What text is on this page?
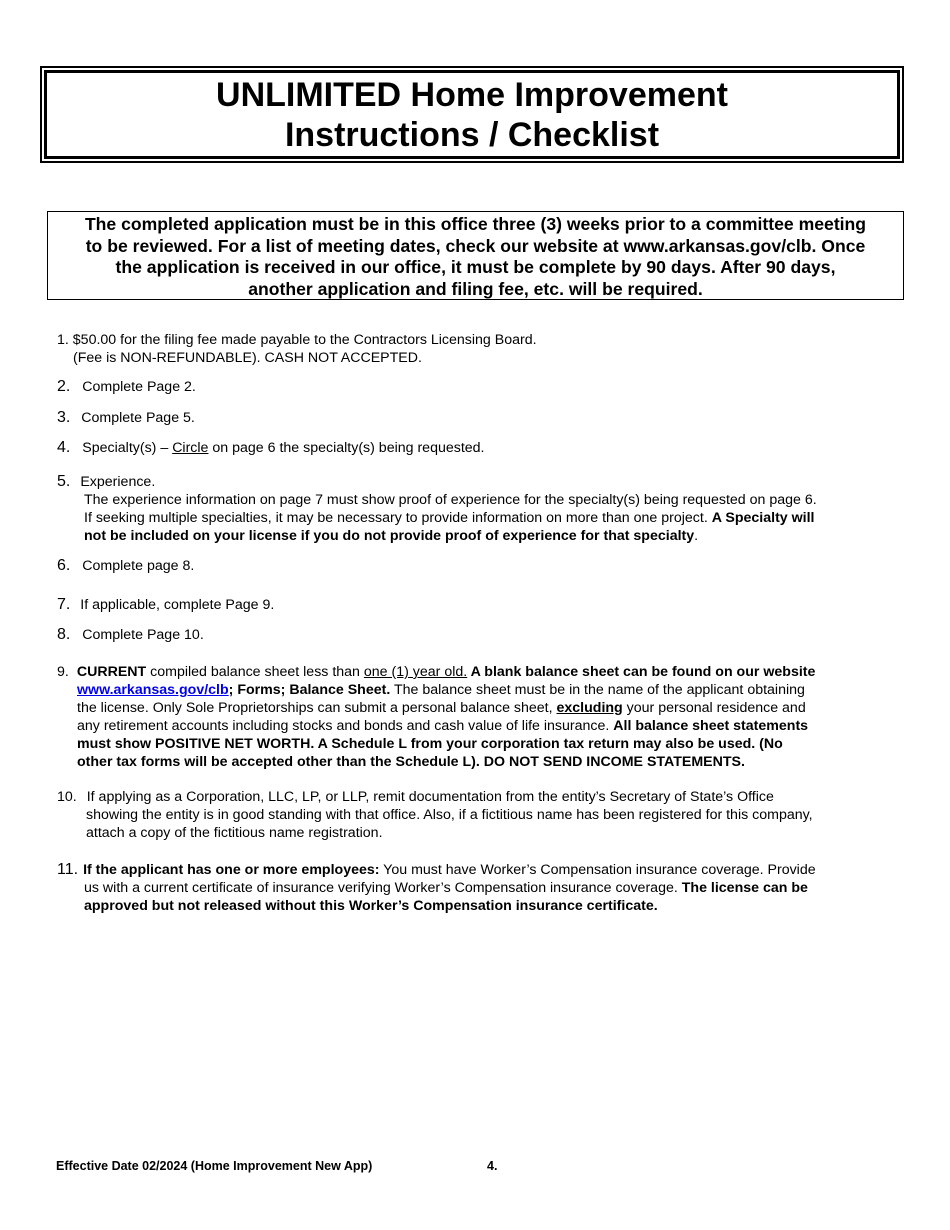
UNLIMITED Home Improvement
Instructions / Checklist
The completed application must be in this office three (3) weeks prior to a committee meeting
to be reviewed. For a list of meeting dates, check our website at www.arkansas.gov/clb. Once
the application is received in our office, it must be complete by 90 days. After 90 days,
another application and filing fee, etc. will be required.
1. $50.00 for the filing fee made payable to the Contractors Licensing Board.
(Fee is NON-REFUNDABLE). CASH NOT ACCEPTED.
2. Complete Page 2.
3. Complete Page 5.
4. Specialty(s) – Circle on page 6 the specialty(s) being requested.
5. Experience.
The experience information on page 7 must show proof of experience for the specialty(s) being requested on page 6.
If seeking multiple specialties, it may be necessary to provide information on more than one project. A Specialty will
not be included on your license if you do not provide proof of experience for that specialty.
6. Complete page 8.
7. If applicable, complete Page 9.
8. Complete Page 10.
9. CURRENT compiled balance sheet less than one (1) year old. A blank balance sheet can be found on our website
www.arkansas.gov/clb; Forms; Balance Sheet. The balance sheet must be in the name of the applicant obtaining
the license. Only Sole Proprietorships can submit a personal balance sheet, excluding your personal residence and
any retirement accounts including stocks and bonds and cash value of life insurance. All balance sheet statements
must show POSITIVE NET WORTH. A Schedule L from your corporation tax return may also be used. (No
other tax forms will be accepted other than the Schedule L). DO NOT SEND INCOME STATEMENTS.
10. If applying as a Corporation, LLC, LP, or LLP, remit documentation from the entity’s Secretary of State’s Office
showing the entity is in good standing with that office. Also, if a fictitious name has been registered for this company,
attach a copy of the fictitious name registration.
11. If the applicant has one or more employees: You must have Worker’s Compensation insurance coverage. Provide
us with a current certificate of insurance verifying Worker’s Compensation insurance coverage. The license can be
approved but not released without this Worker’s Compensation insurance certificate.
Effective Date 02/2024 (Home Improvement New App)	4.
